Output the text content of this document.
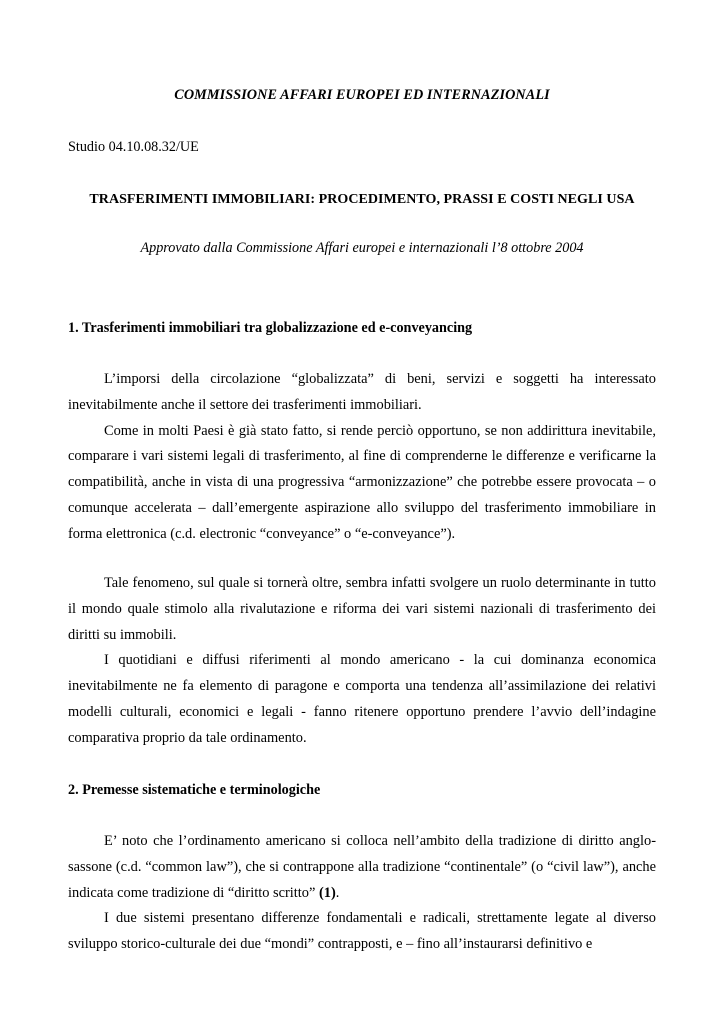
COMMISSIONE AFFARI EUROPEI ED INTERNAZIONALI
Studio 04.10.08.32/UE
TRASFERIMENTI IMMOBILIARI: PROCEDIMENTO, PRASSI E COSTI NEGLI USA
Approvato dalla Commissione Affari europei e internazionali l’8 ottobre 2004
1. Trasferimenti immobiliari tra globalizzazione ed e-conveyancing
L’imporsi della circolazione “globalizzata” di beni, servizi e soggetti ha interessato inevitabilmente anche il settore dei trasferimenti immobiliari.
Come in molti Paesi è già stato fatto, si rende perciò opportuno, se non addirittura inevitabile, comparare i vari sistemi legali di trasferimento, al fine di comprenderne le differenze e verificarne la compatibilità, anche in vista di una progressiva “armonizzazione” che potrebbe essere provocata – o comunque accelerata – dall’emergente aspirazione allo sviluppo del trasferimento immobiliare in forma elettronica (c.d. electronic “conveyance” o “e-conveyance”).
Tale fenomeno, sul quale si tornerà oltre, sembra infatti svolgere un ruolo determinante in tutto il mondo quale stimolo alla rivalutazione e riforma dei vari sistemi nazionali di trasferimento dei diritti su immobili.
I quotidiani e diffusi riferimenti al mondo americano - la cui dominanza economica inevitabilmente ne fa elemento di paragone e comporta una tendenza all’assimilazione dei relativi modelli culturali, economici e legali - fanno ritenere opportuno prendere l’avvio dell’indagine comparativa proprio da tale ordinamento.
2. Premesse sistematiche e terminologiche
E’ noto che l’ordinamento americano si colloca nell’ambito della tradizione di diritto anglo-sassone (c.d. “common law”), che si contrappone alla tradizione “continentale” (o “civil law”), anche indicata come tradizione di “diritto scritto” (1).
I due sistemi presentano differenze fondamentali e radicali, strettamente legate al diverso sviluppo storico-culturale dei due “mondi” contrapposti, e – fino all’instaurarsi definitivo e
